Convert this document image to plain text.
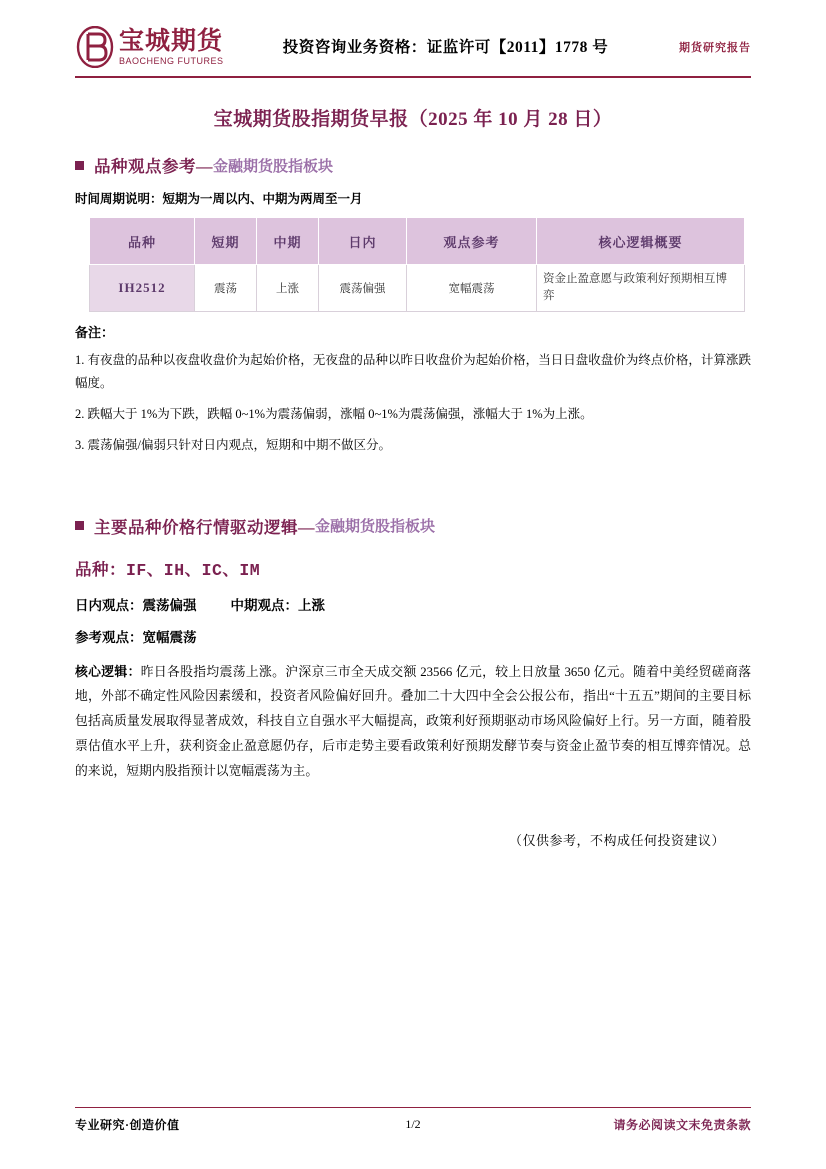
宝城期货
BAOCHENG FUTURES
投资咨询业务资格：证监许可【2011】1778 号	期货研究报告
宝城期货股指期货早报（2025 年 10 月 28 日）
品种观点参考— 金融期货股指板块
时间周期说明：短期为一周以内、中期为两周至一月
品种	短期	中期	日内	观点参考	核心逻辑概要
IH2512	震荡	上涨	震荡偏强	宽幅震荡	资金止盈意愿与政策利好预期相互博弈
备注：
1. 有夜盘的品种以夜盘收盘价为起始价格，无夜盘的品种以昨日收盘价为起始价格，当日日盘收盘价为终点价格，计算涨跌幅度。
2. 跌幅大于 1%为下跌，跌幅 0~1%为震荡偏弱，涨幅 0~1%为震荡偏强，涨幅大于 1%为上涨。
3. 震荡偏强/偏弱只针对日内观点，短期和中期不做区分。
主要品种价格行情驱动逻辑— 金融期货股指板块
品种：IF、IH、IC、IM
日内观点：震荡偏强	中期观点：上涨
参考观点：宽幅震荡
核心逻辑：昨日各股指均震荡上涨。沪深京三市全天成交额 23566 亿元，较上日放量 3650 亿元。随着中美经贸磋商落地，外部不确定性风险因素缓和，投资者风险偏好回升。叠加二十大四中全会公报公布，指出“十五五”期间的主要目标包括高质量发展取得显著成效，科技自立自强水平大幅提高，政策利好预期驱动市场风险偏好上行。另一方面，随着股票估值水平上升，获利资金止盈意愿仍存，后市走势主要看政策利好预期发酵节奏与资金止盈节奏的相互博弈情况。总的来说，短期内股指预计以宽幅震荡为主。
（仅供参考，不构成任何投资建议）
专业研究·创造价值	1/2	请务必阅读文末免责条款
